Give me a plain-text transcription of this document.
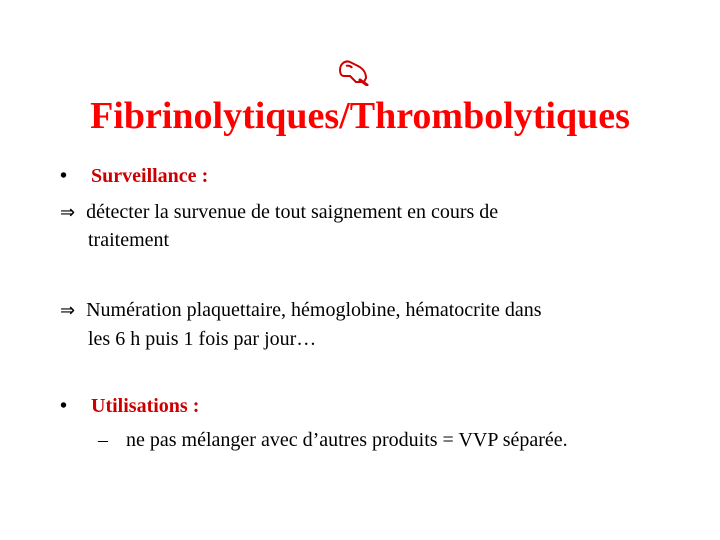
Fibrinolytiques/Thrombolytiques
• Surveillance :
⇒ détecter la survenue de tout saignement en cours de
traitement
⇒ Numération plaquettaire, hémoglobine, hématocrite dans
les 6 h puis 1 fois par jour…
• Utilisations :
– ne pas mélanger avec d’autres produits = VVP séparée.
